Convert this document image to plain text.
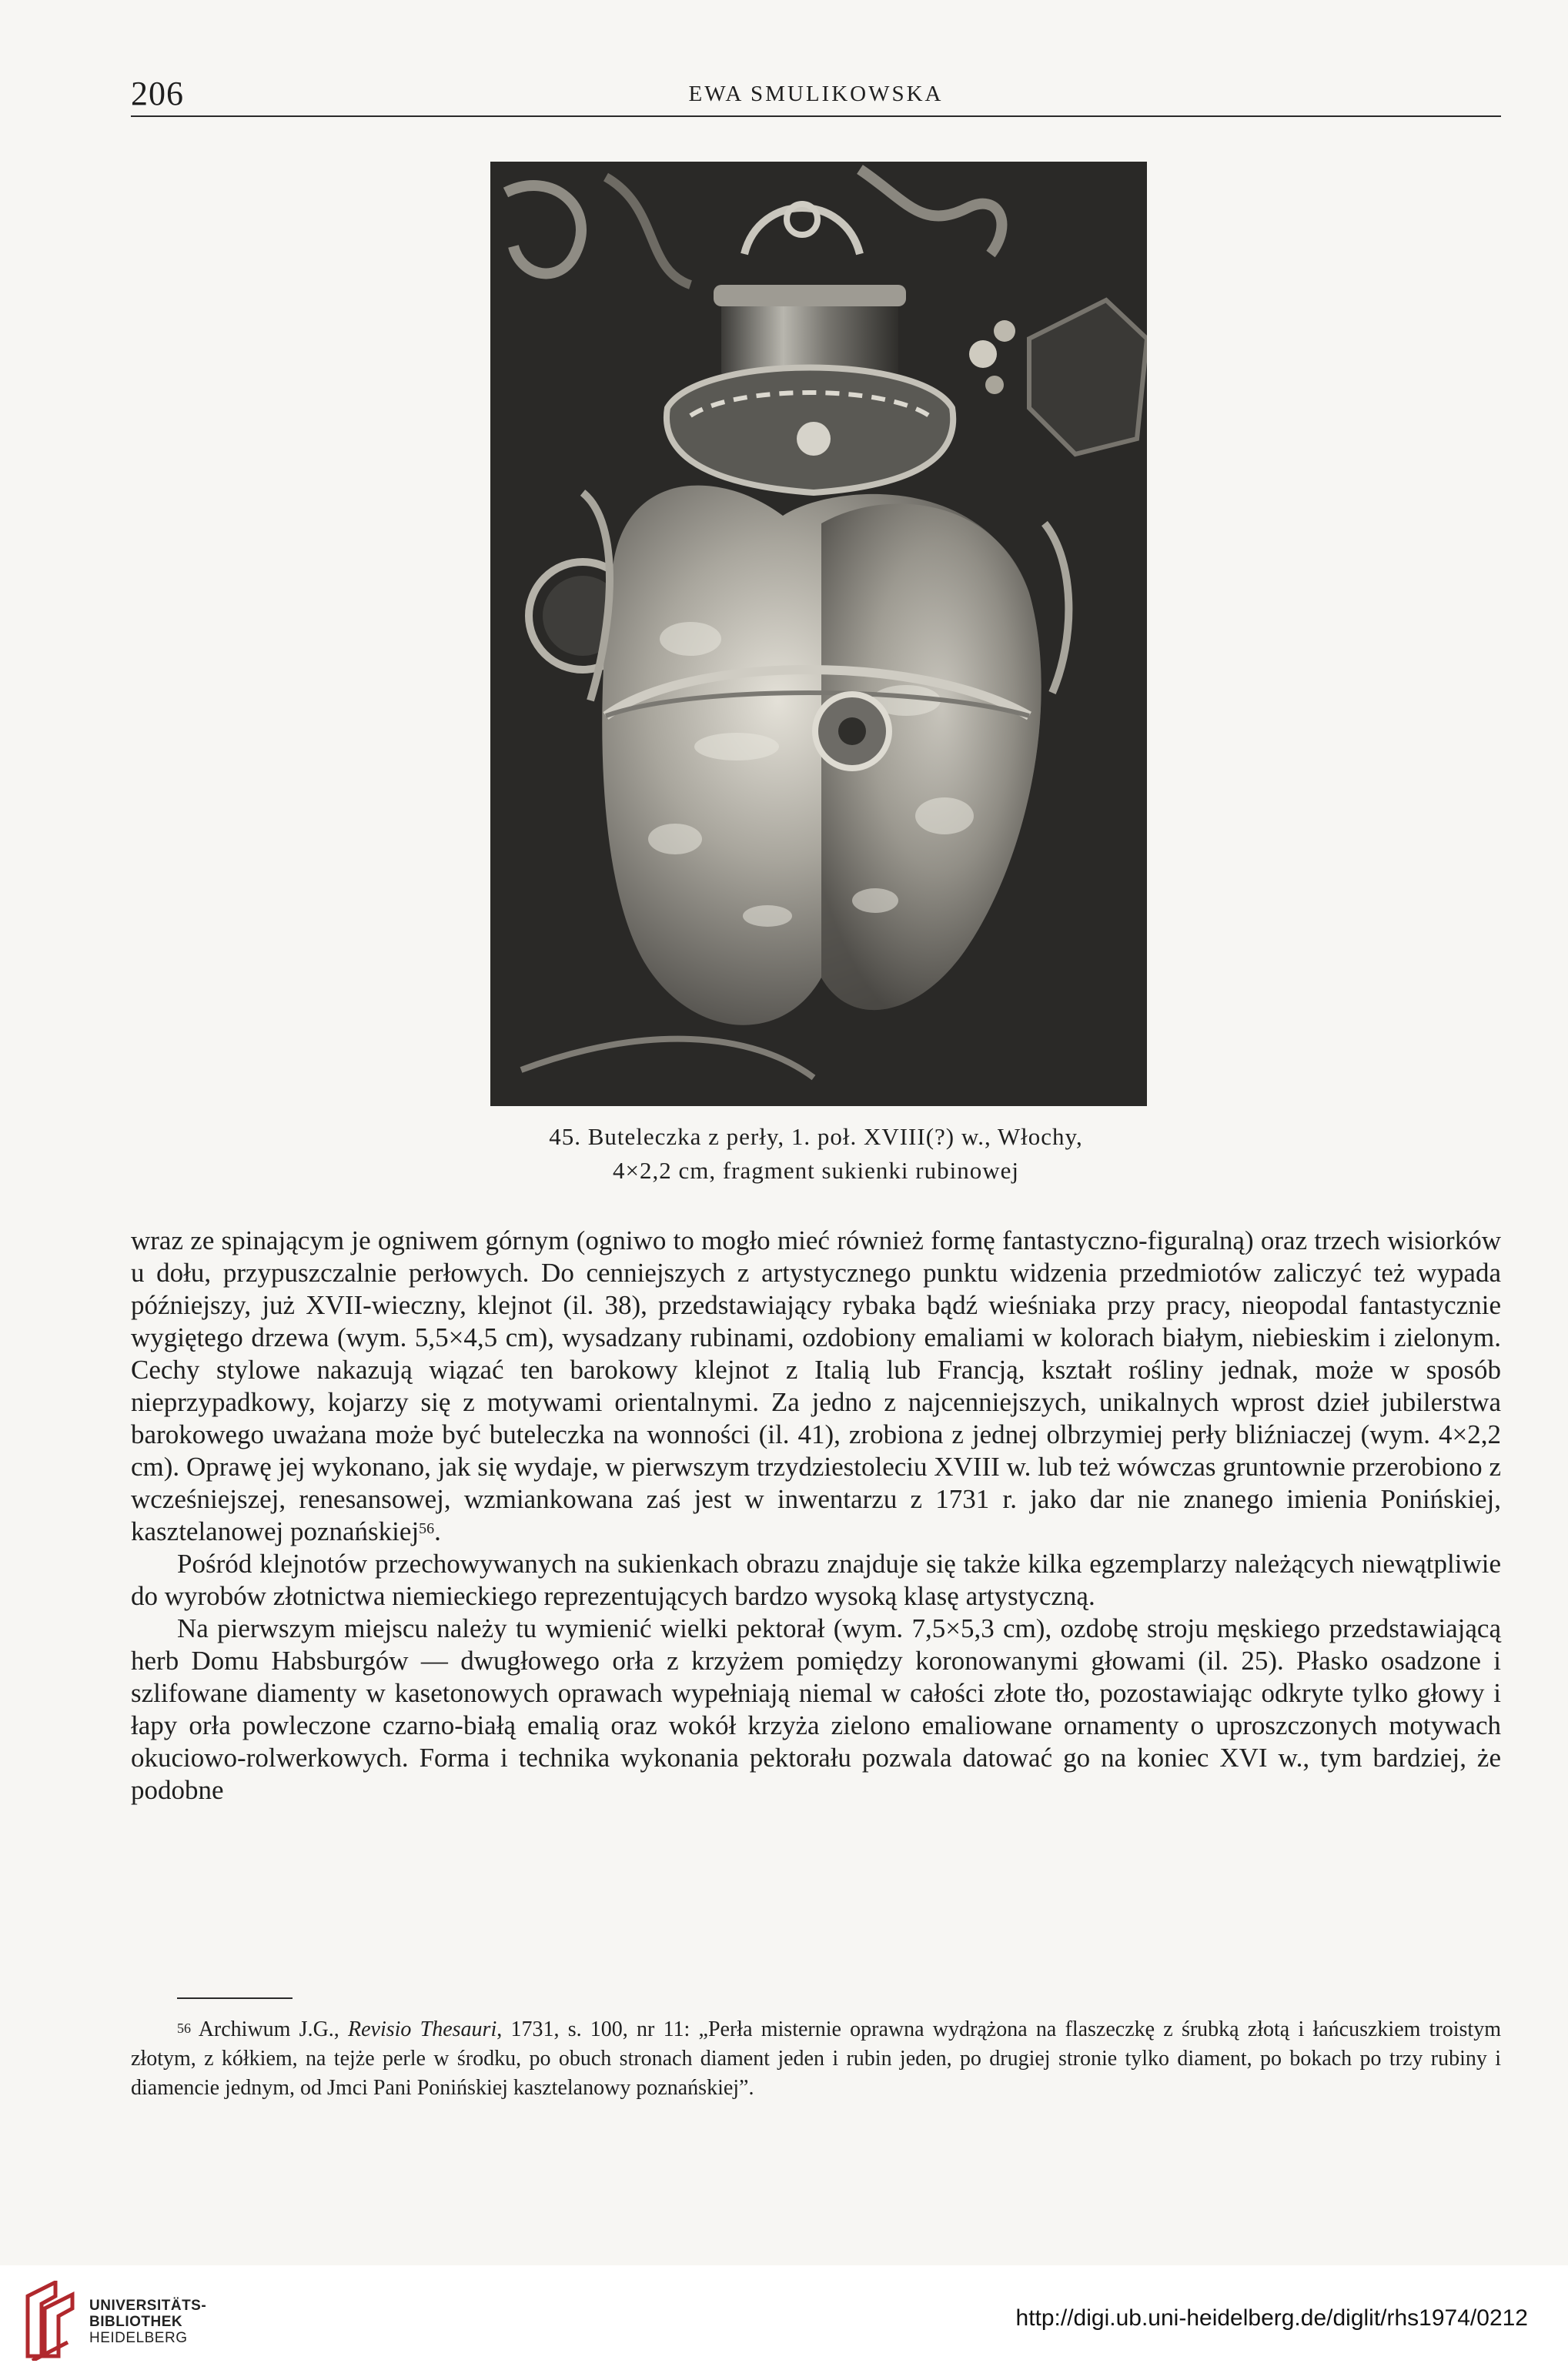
206	EWA SMULIKOWSKA
45. Buteleczka z perły, 1. poł. XVIII(?) w., Włochy,
4×2,2 cm, fragment sukienki rubinowej

wraz ze spinającym je ogniwem górnym (ogniwo to mogło mieć również formę fantastyczno-figuralną) oraz trzech wisiorków u dołu, przypuszczalnie perłowych. Do cenniejszych z artystycznego punktu widzenia przedmiotów zaliczyć też wypada późniejszy, już XVII-wieczny, klejnot (il. 38), przedstawiający rybaka bądź wieśniaka przy pracy, nieopodal fantastycznie wygiętego drzewa (wym. 5,5×4,5 cm), wysadzany rubinami, ozdobiony emaliami w kolorach białym, niebieskim i zielonym. Cechy stylowe nakazują wiązać ten barokowy klejnot z Italią lub Francją, kształt rośliny jednak, może w sposób nieprzypadkowy, kojarzy się z motywami orientalnymi. Za jedno z najcenniejszych, unikalnych wprost dzieł jubilerstwa barokowego uważana może być buteleczka na wonności (il. 41), zrobiona z jednej olbrzymiej perły bliźniaczej (wym. 4×2,2 cm). Oprawę jej wykonano, jak się wydaje, w pierwszym trzydziestoleciu XVIII w. lub też wówczas gruntownie przerobiono z wcześniejszej, renesansowej, wzmiankowana zaś jest w inwentarzu z 1731 r. jako dar nie znanego imienia Ponińskiej, kasztelanowej poznańskiej$^{56}$.

Pośród klejnotów przechowywanych na sukienkach obrazu znajduje się także kilka egzemplarzy należących niewątpliwie do wyrobów złotnictwa niemieckiego reprezentujących bardzo wysoką klasę artystyczną.

Na pierwszym miejscu należy tu wymienić wielki pektorał (wym. 7,5×5,3 cm), ozdobę stroju męskiego przedstawiającą herb Domu Habsburgów — dwugłowego orła z krzyżem pomiędzy koronowanymi głowami (il. 25). Płasko osadzone i szlifowane diamenty w kasetonowych oprawach wypełniają niemal w całości złote tło, pozostawiając odkryte tylko głowy i łapy orła powleczone czarno-białą emalią oraz wokół krzyża zielono emaliowane ornamenty o uproszczonych motywach okuciowo-rolwerkowych. Forma i technika wykonania pektorału pozwala datować go na koniec XVI w., tym bardziej, że podobne

$^{56}$ Archiwum J.G., Revisio Thesauri, 1731, s. 100, nr 11: „Perła misternie oprawna wydrążona na flaszeczkę z śrubką złotą i łańcuszkiem troistym złotym, z kółkiem, na tejże perle w środku, po obuch stronach diament jeden i rubin jeden, po drugiej stronie tylko diament, po bokach po trzy rubiny i diamencie jednym, od Jmci Pani Ponińskiej kasztelanowy poznańskiej”.
UNIVERSITÄTS-
BIBLIOTHEK
HEIDELBERG
http://digi.ub.uni-heidelberg.de/diglit/rhs1974/0212
